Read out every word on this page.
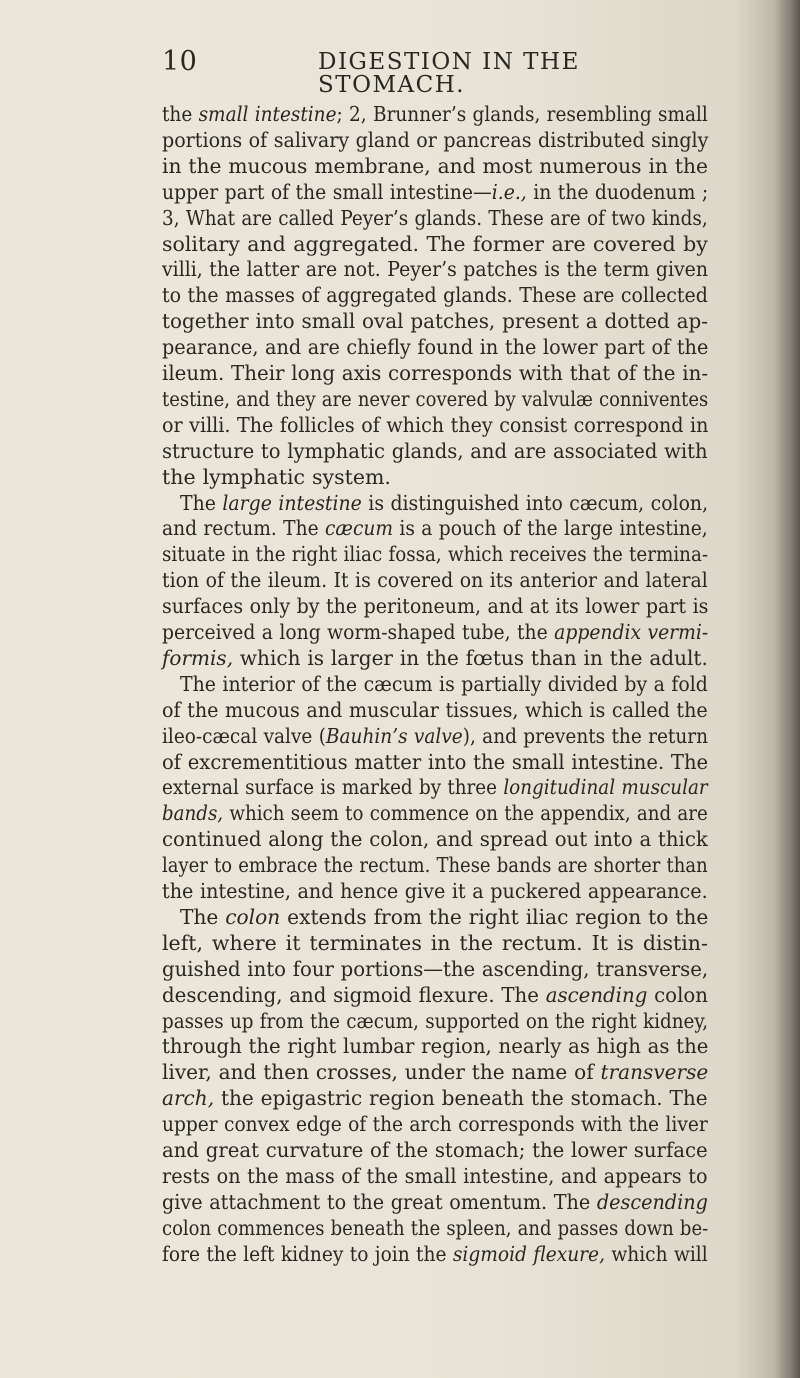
10	DIGESTION IN THE STOMACH.
the small intestine; 2, Brunner’s glands, resembling small
portions of salivary gland or pancreas distributed singly
in the mucous membrane, and most numerous in the
upper part of the small intestine—i.e., in the duodenum ;
3, What are called Peyer’s glands. These are of two kinds,
solitary and aggregated. The former are covered by
villi, the latter are not. Peyer’s patches is the term given
to the masses of aggregated glands. These are collected
together into small oval patches, present a dotted ap-
pearance, and are chiefly found in the lower part of the
ileum. Their long axis corresponds with that of the in-
testine, and they are never covered by valvulæ conniventes
or villi. The follicles of which they consist correspond in
structure to lymphatic glands, and are associated with
the lymphatic system.
The large intestine is distinguished into cæcum, colon,
and rectum. The cæcum is a pouch of the large intestine,
situate in the right iliac fossa, which receives the termina-
tion of the ileum. It is covered on its anterior and lateral
surfaces only by the peritoneum, and at its lower part is
perceived a long worm-shaped tube, the appendix vermi-
formis, which is larger in the fœtus than in the adult.
The interior of the cæcum is partially divided by a fold
of the mucous and muscular tissues, which is called the
ileo-cæcal valve (Bauhin’s valve), and prevents the return
of excrementitious matter into the small intestine. The
external surface is marked by three longitudinal muscular
bands, which seem to commence on the appendix, and are
continued along the colon, and spread out into a thick
layer to embrace the rectum. These bands are shorter than
the intestine, and hence give it a puckered appearance.
The colon extends from the right iliac region to the
left, where it terminates in the rectum. It is distin-
guished into four portions—the ascending, transverse,
descending, and sigmoid flexure. The ascending colon
passes up from the cæcum, supported on the right kidney,
through the right lumbar region, nearly as high as the
liver, and then crosses, under the name of transverse
arch, the epigastric region beneath the stomach. The
upper convex edge of the arch corresponds with the liver
and great curvature of the stomach; the lower surface
rests on the mass of the small intestine, and appears to
give attachment to the great omentum. The descending
colon commences beneath the spleen, and passes down be-
fore the left kidney to join the sigmoid flexure, which will
